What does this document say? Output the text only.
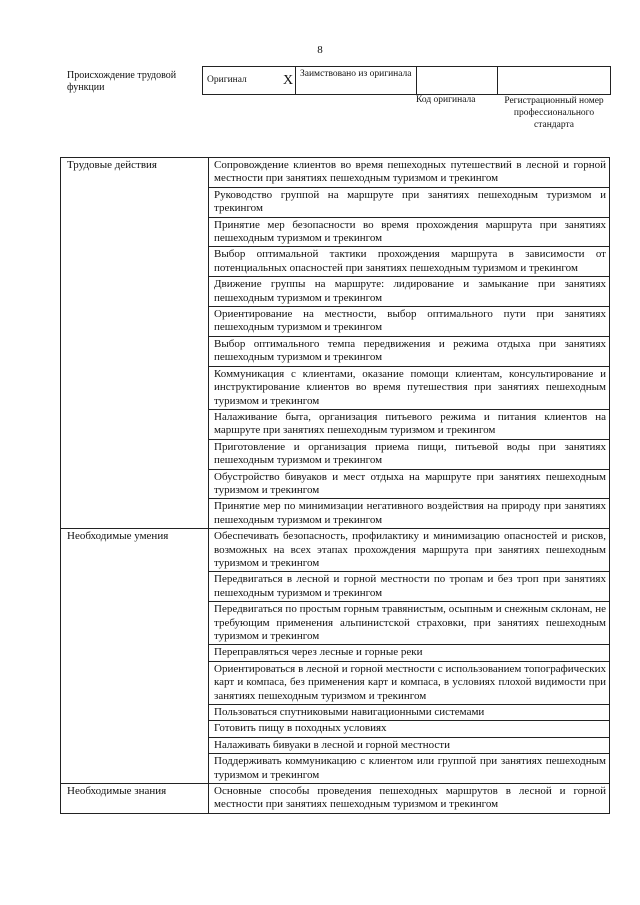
8
Происхождение трудовой функции
Оригинал	X	Заимствовано из оригинала		
Код оригинала	Регистрационный номер профессионального стандарта
Трудовые действия	Сопровождение клиентов во время пешеходных путешествий в лесной и горной местности при занятиях пешеходным туризмом и трекингом
	Руководство группой на маршруте при занятиях пешеходным туризмом и трекингом
	Принятие мер безопасности во время прохождения маршрута при занятиях пешеходным туризмом и трекингом
	Выбор оптимальной тактики прохождения маршрута в зависимости от потенциальных опасностей при занятиях пешеходным туризмом и трекингом
	Движение группы на маршруте: лидирование и замыкание при занятиях пешеходным туризмом и трекингом
	Ориентирование на местности, выбор оптимального пути при занятиях пешеходным туризмом и трекингом
	Выбор оптимального темпа передвижения и режима отдыха при занятиях пешеходным туризмом и трекингом
	Коммуникация с клиентами, оказание помощи клиентам, консультирование и инструктирование клиентов во время путешествия при занятиях пешеходным туризмом и трекингом
	Налаживание быта, организация питьевого режима и питания клиентов на маршруте при занятиях пешеходным туризмом и трекингом
	Приготовление и организация приема пищи, питьевой воды при занятиях пешеходным туризмом и трекингом
	Обустройство бивуаков и мест отдыха на маршруте при занятиях пешеходным туризмом и трекингом
	Принятие мер по минимизации негативного воздействия на природу при занятиях пешеходным туризмом и трекингом
Необходимые умения	Обеспечивать безопасность, профилактику и минимизацию опасностей и рисков, возможных на всех этапах прохождения маршрута при занятиях пешеходным туризмом и трекингом
	Передвигаться в лесной и горной местности по тропам и без троп при занятиях пешеходным туризмом и трекингом
	Передвигаться по простым горным травянистым, осыпным и снежным склонам, не требующим применения альпинистской страховки, при занятиях пешеходным туризмом и трекингом
	Переправляться через лесные и горные реки
	Ориентироваться в лесной и горной местности с использованием топографических карт и компаса, без применения карт и компаса, в условиях плохой видимости при занятиях пешеходным туризмом и трекингом
	Пользоваться спутниковыми навигационными системами
	Готовить пищу в походных условиях
	Налаживать бивуаки в лесной и горной местности
	Поддерживать коммуникацию с клиентом или группой при занятиях пешеходным туризмом и трекингом
Необходимые знания	Основные способы проведения пешеходных маршрутов в лесной и горной местности при занятиях пешеходным туризмом и трекингом
